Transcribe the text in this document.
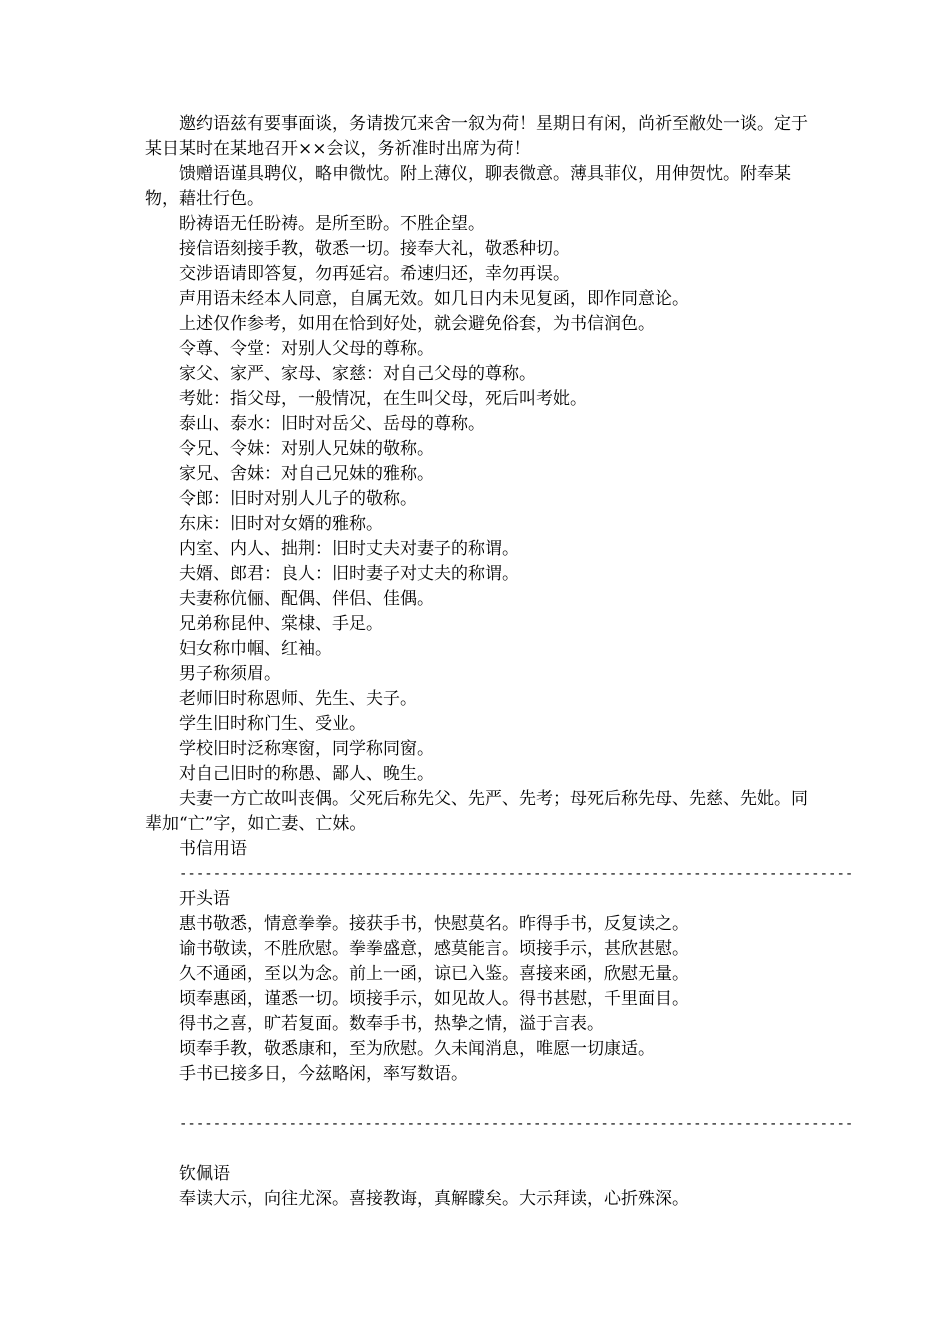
邀约语兹有要事面谈，务请拨冗来舍一叙为荷！星期日有闲，尚祈至敝处一谈。定于某日某时在某地召开××会议，务祈准时出席为荷！

馈赠语谨具聘仪，略申微忱。附上薄仪，聊表微意。薄具菲仪，用伸贺忱。附奉某物，藉壮行色。

盼祷语无任盼祷。是所至盼。不胜企望。

接信语刻接手教，敬悉一切。接奉大礼，敬悉种切。

交涉语请即答复，勿再延宕。希速归还，幸勿再误。

声用语未经本人同意，自属无效。如几日内未见复函，即作同意论。

上述仅作参考，如用在恰到好处，就会避免俗套，为书信润色。

令尊、令堂：对别人父母的尊称。

家父、家严、家母、家慈：对自己父母的尊称。

考妣：指父母，一般情况，在生叫父母，死后叫考妣。

泰山、泰水：旧时对岳父、岳母的尊称。

令兄、令妹：对别人兄妹的敬称。

家兄、舍妹：对自己兄妹的雅称。

令郎：旧时对别人儿子的敬称。

东床：旧时对女婿的雅称。

内室、内人、拙荆：旧时丈夫对妻子的称谓。

夫婿、郎君：良人：旧时妻子对丈夫的称谓。

夫妻称伉俪、配偶、伴侣、佳偶。

兄弟称昆仲、棠棣、手足。

妇女称巾帼、红袖。

男子称须眉。

老师旧时称恩师、先生、夫子。

学生旧时称门生、受业。

学校旧时泛称寒窗，同学称同窗。

对自己旧时的称愚、鄙人、晚生。

夫妻一方亡故叫丧偶。父死后称先父、先严、先考；母死后称先母、先慈、先妣。同辈加“亡”字，如亡妻、亡妹。

书信用语

--------------------------------------------------------------------------------

开头语

惠书敬悉，情意拳拳。接获手书，快慰莫名。昨得手书，反复读之。

谕书敬读，不胜欣慰。拳拳盛意，感莫能言。顷接手示，甚欣甚慰。

久不通函，至以为念。前上一函，谅已入鉴。喜接来函，欣慰无量。

顷奉惠函，谨悉一切。顷接手示，如见故人。得书甚慰，千里面目。

得书之喜，旷若复面。数奉手书，热挚之情，溢于言表。

顷奉手教，敬悉康和，至为欣慰。久未闻消息，唯愿一切康适。

手书已接多日，今兹略闲，率写数语。

--------------------------------------------------------------------------------

钦佩语

奉读大示，向往尤深。喜接教诲，真解矇矣。大示拜读，心折殊深。
